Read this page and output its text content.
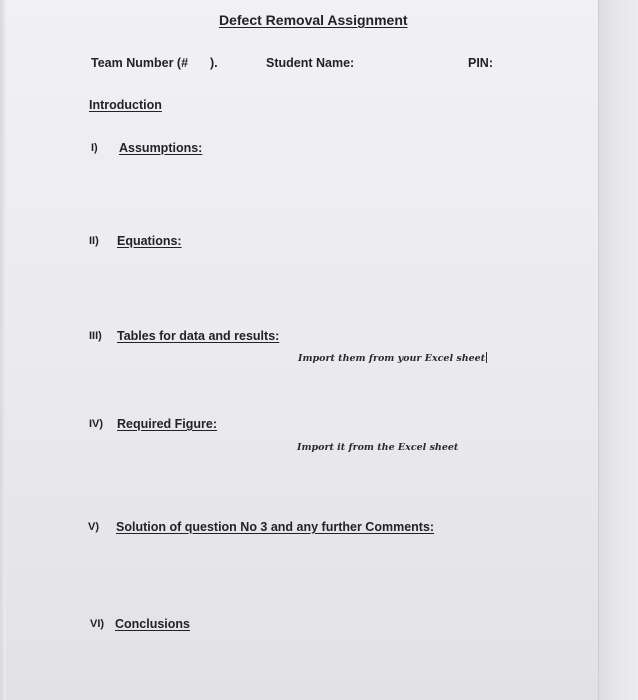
Defect Removal Assignment
Team Number (# ).	Student Name:	PIN:
Introduction
I) Assumptions:
II) Equations:
III) Tables for data and results:
Import them from your Excel sheet
IV) Required Figure:
Import it from the Excel sheet
V) Solution of question No 3 and any further Comments:
VI) Conclusions
